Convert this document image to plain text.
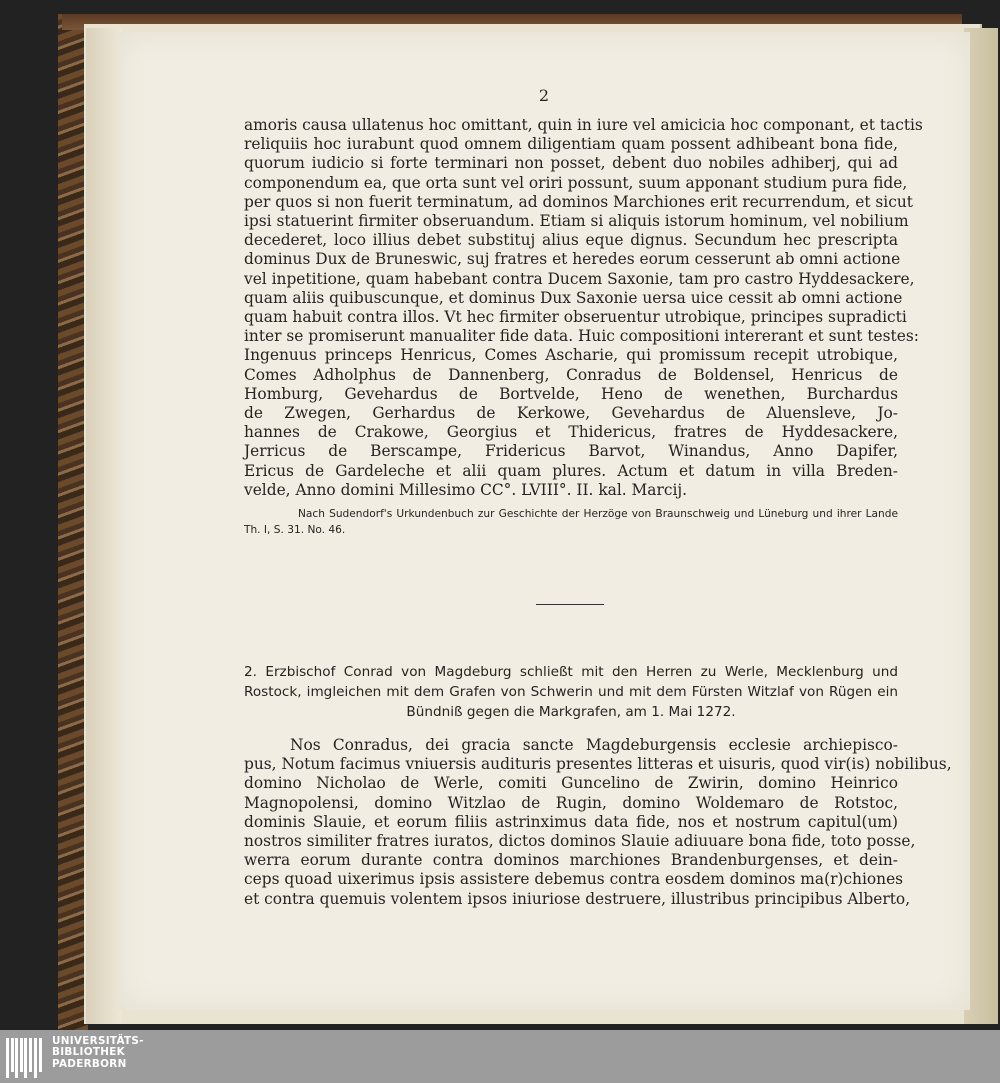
2
amoris causa ullatenus hoc omittant, quin in iure vel amicicia hoc componant, et tactis
reliquiis hoc iurabunt quod omnem diligentiam quam possent adhibeant bona fide,
quorum iudicio si forte terminari non posset, debent duo nobiles adhiberj, qui ad
componendum ea, que orta sunt vel oriri possunt, suum apponant studium pura fide,
per quos si non fuerit terminatum, ad dominos Marchiones erit recurrendum, et sicut
ipsi statuerint firmiter obseruandum. Etiam si aliquis istorum hominum, vel nobilium
decederet, loco illius debet substituj alius eque dignus. Secundum hec prescripta
dominus Dux de Bruneswic, suj fratres et heredes eorum cesserunt ab omni actione
vel inpetitione, quam habebant contra Ducem Saxonie, tam pro castro Hyddesackere,
quam aliis quibuscunque, et dominus Dux Saxonie uersa uice cessit ab omni actione
quam habuit contra illos. Vt hec firmiter obseruentur utrobique, principes supradicti
inter se promiserunt manualiter fide data. Huic compositioni intererant et sunt testes:
Ingenuus princeps Henricus, Comes Ascharie, qui promissum recepit utrobique,
Comes Adholphus de Dannenberg, Conradus de Boldensel, Henricus de
Homburg, Gevehardus de Bortvelde, Heno de wenethen, Burchardus
de Zwegen, Gerhardus de Kerkowe, Gevehardus de Aluensleve, Jo-
hannes de Crakowe, Georgius et Thidericus, fratres de Hyddesackere,
Jerricus de Berscampe, Fridericus Barvot, Winandus, Anno Dapifer,
Ericus de Gardeleche et alii quam plures. Actum et datum in villa Breden-
velde, Anno domini Millesimo CC°. LVIII°. II. kal. Marcij.
Nach Sudendorf's Urkundenbuch zur Geschichte der Herzöge von Braunschweig und Lüneburg und ihrer Lande Th. I, S. 31. No. 46.
2. Erzbischof Conrad von Magdeburg schließt mit den Herren zu Werle, Mecklenburg und
Rostock, imgleichen mit dem Grafen von Schwerin und mit dem Fürsten Witzlaf von Rügen ein
Bündniß gegen die Markgrafen, am 1. Mai 1272.
Nos Conradus, dei gracia sancte Magdeburgensis ecclesie archiepisco-
pus, Notum facimus vniuersis audituris presentes litteras et uisuris, quod vir(is) nobilibus,
domino Nicholao de Werle, comiti Guncelino de Zwirin, domino Heinrico
Magnopolensi, domino Witzlao de Rugin, domino Woldemaro de Rotstoc,
dominis Slauie, et eorum filiis astrinximus data fide, nos et nostrum capitul(um)
nostros similiter fratres iuratos, dictos dominos Slauie adiuuare bona fide, toto posse,
werra eorum durante contra dominos marchiones Brandenburgenses, et dein-
ceps quoad uixerimus ipsis assistere debemus contra eosdem dominos ma(r)chiones
et contra quemuis volentem ipsos iniuriose destruere, illustribus principibus Alberto,
UNIVERSITÄTS-
BIBLIOTHEK
PADERBORN
